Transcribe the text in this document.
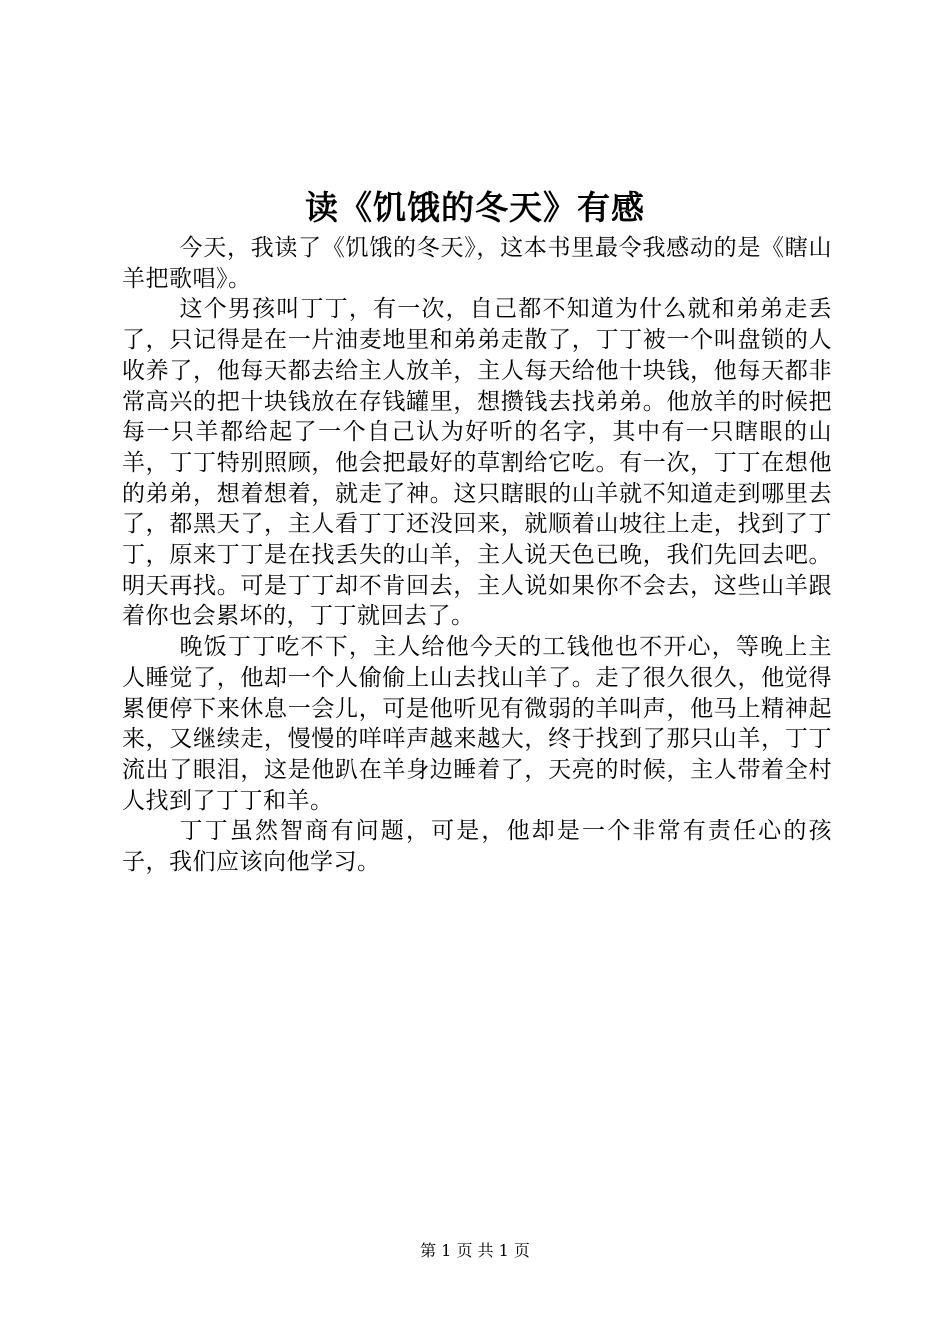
读《饥饿的冬天》有感

今天，我读了《饥饿的冬天》，这本书里最令我感动的是《瞎山羊把歌唱》。

这个男孩叫丁丁，有一次，自己都不知道为什么就和弟弟走丢了，只记得是在一片油麦地里和弟弟走散了，丁丁被一个叫盘锁的人收养了，他每天都去给主人放羊，主人每天给他十块钱，他每天都非常高兴的把十块钱放在存钱罐里，想攒钱去找弟弟。他放羊的时候把每一只羊都给起了一个自己认为好听的名字，其中有一只瞎眼的山羊，丁丁特别照顾，他会把最好的草割给它吃。有一次，丁丁在想他的弟弟，想着想着，就走了神。这只瞎眼的山羊就不知道走到哪里去了，都黑天了，主人看丁丁还没回来，就顺着山坡往上走，找到了丁丁，原来丁丁是在找丢失的山羊，主人说天色已晚，我们先回去吧。明天再找。可是丁丁却不肯回去，主人说如果你不会去，这些山羊跟着你也会累坏的，丁丁就回去了。

晚饭丁丁吃不下，主人给他今天的工钱他也不开心，等晚上主人睡觉了，他却一个人偷偷上山去找山羊了。走了很久很久，他觉得累便停下来休息一会儿，可是他听见有微弱的羊叫声，他马上精神起来，又继续走，慢慢的咩咩声越来越大，终于找到了那只山羊，丁丁流出了眼泪，这是他趴在羊身边睡着了，天亮的时候，主人带着全村人找到了丁丁和羊。

丁丁虽然智商有问题，可是，他却是一个非常有责任心的孩子，我们应该向他学习。

第 1 页 共 1 页
